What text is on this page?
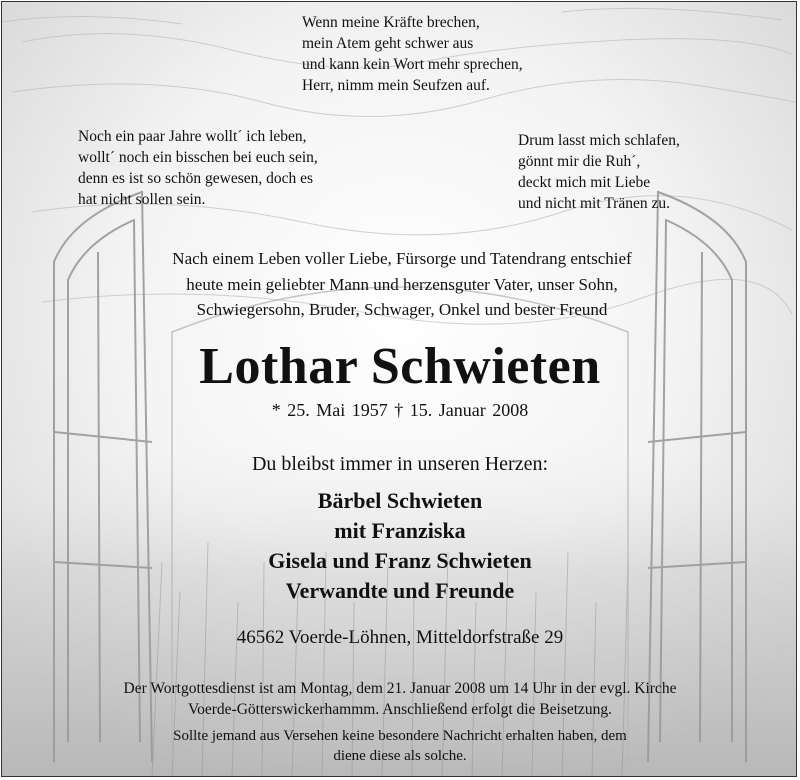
Wenn meine Kräfte brechen,
mein Atem geht schwer aus
und kann kein Wort mehr sprechen,
Herr, nimm mein Seufzen auf.
Noch ein paar Jahre wollt´ ich leben,
wollt´ noch ein bisschen bei euch sein,
denn es ist so schön gewesen, doch es
hat nicht sollen sein.
Drum lasst mich schlafen,
gönnt mir die Ruh´,
deckt mich mit Liebe
und nicht mit Tränen zu.
Nach einem Leben voller Liebe, Fürsorge und Tatendrang entschief
heute mein geliebter Mann und herzensguter Vater, unser Sohn,
Schwiegersohn, Bruder, Schwager, Onkel und bester Freund
Lothar Schwieten
* 25. Mai 1957 † 15. Januar 2008
Du bleibst immer in unseren Herzen:
Bärbel Schwieten
mit Franziska
Gisela und Franz Schwieten
Verwandte und Freunde
46562 Voerde-Löhnen, Mitteldorfstraße 29
Der Wortgottesdienst ist am Montag, dem 21. Januar 2008 um 14 Uhr in der evgl. Kirche
Voerde-Götterswickerhammm. Anschließend erfolgt die Beisetzung.
Sollte jemand aus Versehen keine besondere Nachricht erhalten haben, dem
diene diese als solche.
